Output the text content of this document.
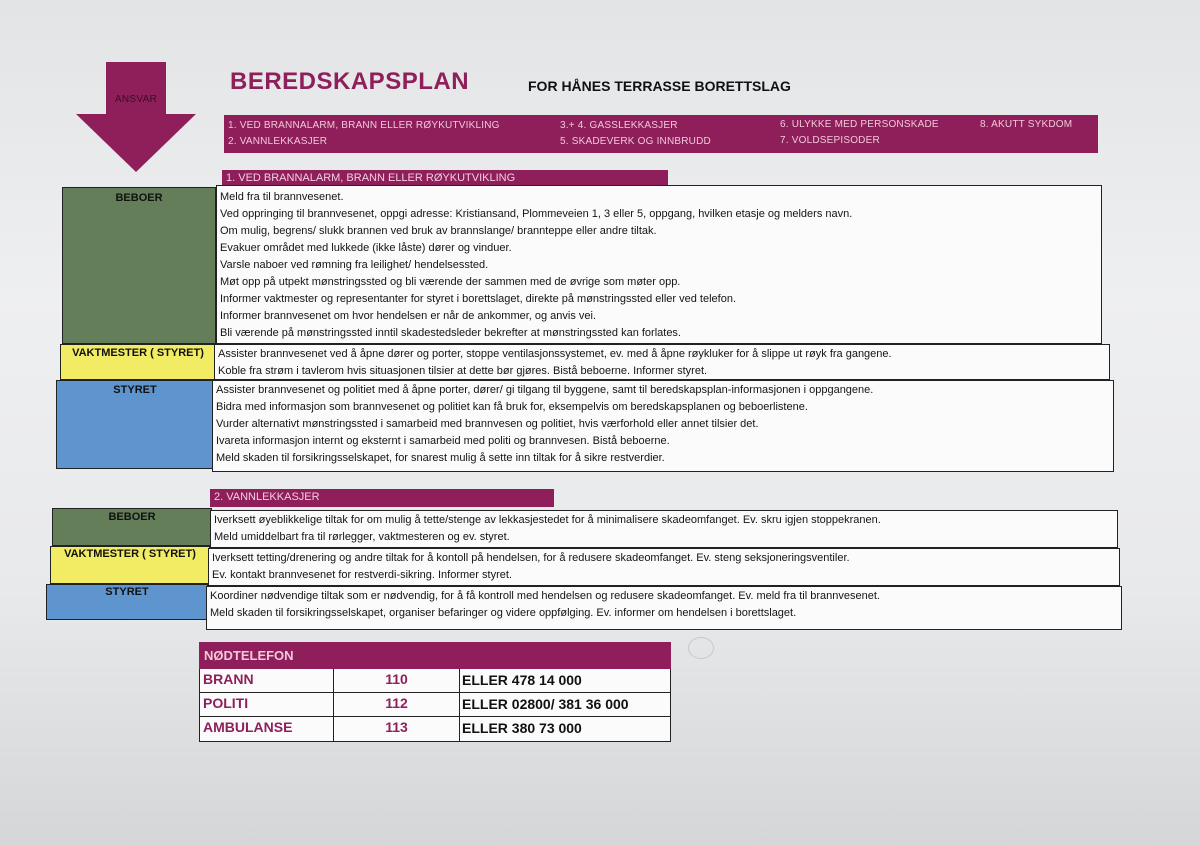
ANSVAR
BEREDSKAPSPLAN	FOR HÅNES TERRASSE BORETTSLAG
1. VED BRANNALARM, BRANN ELLER RØYKUTVIKLING
2. VANNLEKKASJER
3.+ 4. GASSLEKKASJER
5. SKADEVERK OG INNBRUDD
6. ULYKKE MED PERSONSKADE
7. VOLDSEPISODER
8. AKUTT SYKDOM
1. VED BRANNALARM, BRANN ELLER RØYKUTVIKLING
BEBOER	Meld fra til brannvesenet.
Ved oppringing til brannvesenet, oppgi adresse: Kristiansand, Plommeveien 1, 3 eller 5, oppgang, hvilken etasje og melders navn.
Om mulig, begrens/ slukk brannen ved bruk av brannslange/ brannteppe eller andre tiltak.
Evakuer området med lukkede (ikke låste) dører og vinduer.
Varsle naboer ved rømning fra leilighet/ hendelsessted.
Møt opp på utpekt mønstringssted og bli værende der sammen med de øvrige som møter opp.
Informer vaktmester og representanter for styret i borettslaget, direkte på mønstringssted eller ved telefon.
Informer brannvesenet om hvor hendelsen er når de ankommer, og anvis vei.
Bli værende på mønstringssted inntil skadestedsleder bekrefter at mønstringssted kan forlates.
VAKTMESTER ( STYRET)	Assister brannvesenet ved å åpne dører og porter, stoppe ventilasjonssystemet, ev. med å åpne røykluker for å slippe ut røyk fra gangene.
Koble fra strøm i tavlerom hvis situasjonen tilsier at dette bør gjøres. Bistå beboerne. Informer styret.
STYRET	Assister brannvesenet og politiet med å åpne porter, dører/ gi tilgang til byggene, samt til beredskapsplan-informasjonen i oppgangene.
Bidra med informasjon som brannvesenet og politiet kan få bruk for, eksempelvis om beredskapsplanen og beboerlistene.
Vurder alternativt mønstringssted i samarbeid med brannvesen og politiet, hvis værforhold eller annet tilsier det.
Ivareta informasjon internt og eksternt i samarbeid med politi og brannvesen. Bistå beboerne.
Meld skaden til forsikringsselskapet, for snarest mulig å sette inn tiltak for å sikre restverdier.
2. VANNLEKKASJER
BEBOER	Iverksett øyeblikkelige tiltak for om mulig å tette/stenge av lekkasjestedet for å minimalisere skadeomfanget. Ev. skru igjen stoppekranen.
Meld umiddelbart fra til rørlegger, vaktmesteren og ev. styret.
VAKTMESTER ( STYRET)	Iverksett tetting/drenering og andre tiltak for å kontoll på hendelsen, for å redusere skadeomfanget. Ev. steng seksjoneringsventiler.
Ev. kontakt brannvesenet for restverdi-sikring. Informer styret.
STYRET	Koordiner nødvendige tiltak som er nødvendig, for å få kontroll med hendelsen og redusere skadeomfanget. Ev. meld fra til brannvesenet.
Meld skaden til forsikringsselskapet, organiser befaringer og videre oppfølging. Ev. informer om hendelsen i borettslaget.
BRANN	110	ELLER 478 14 000
POLITI	112	ELLER 02800/ 381 36 000
AMBULANSE	113	ELLER 380 73 000
NØDTELEFON
